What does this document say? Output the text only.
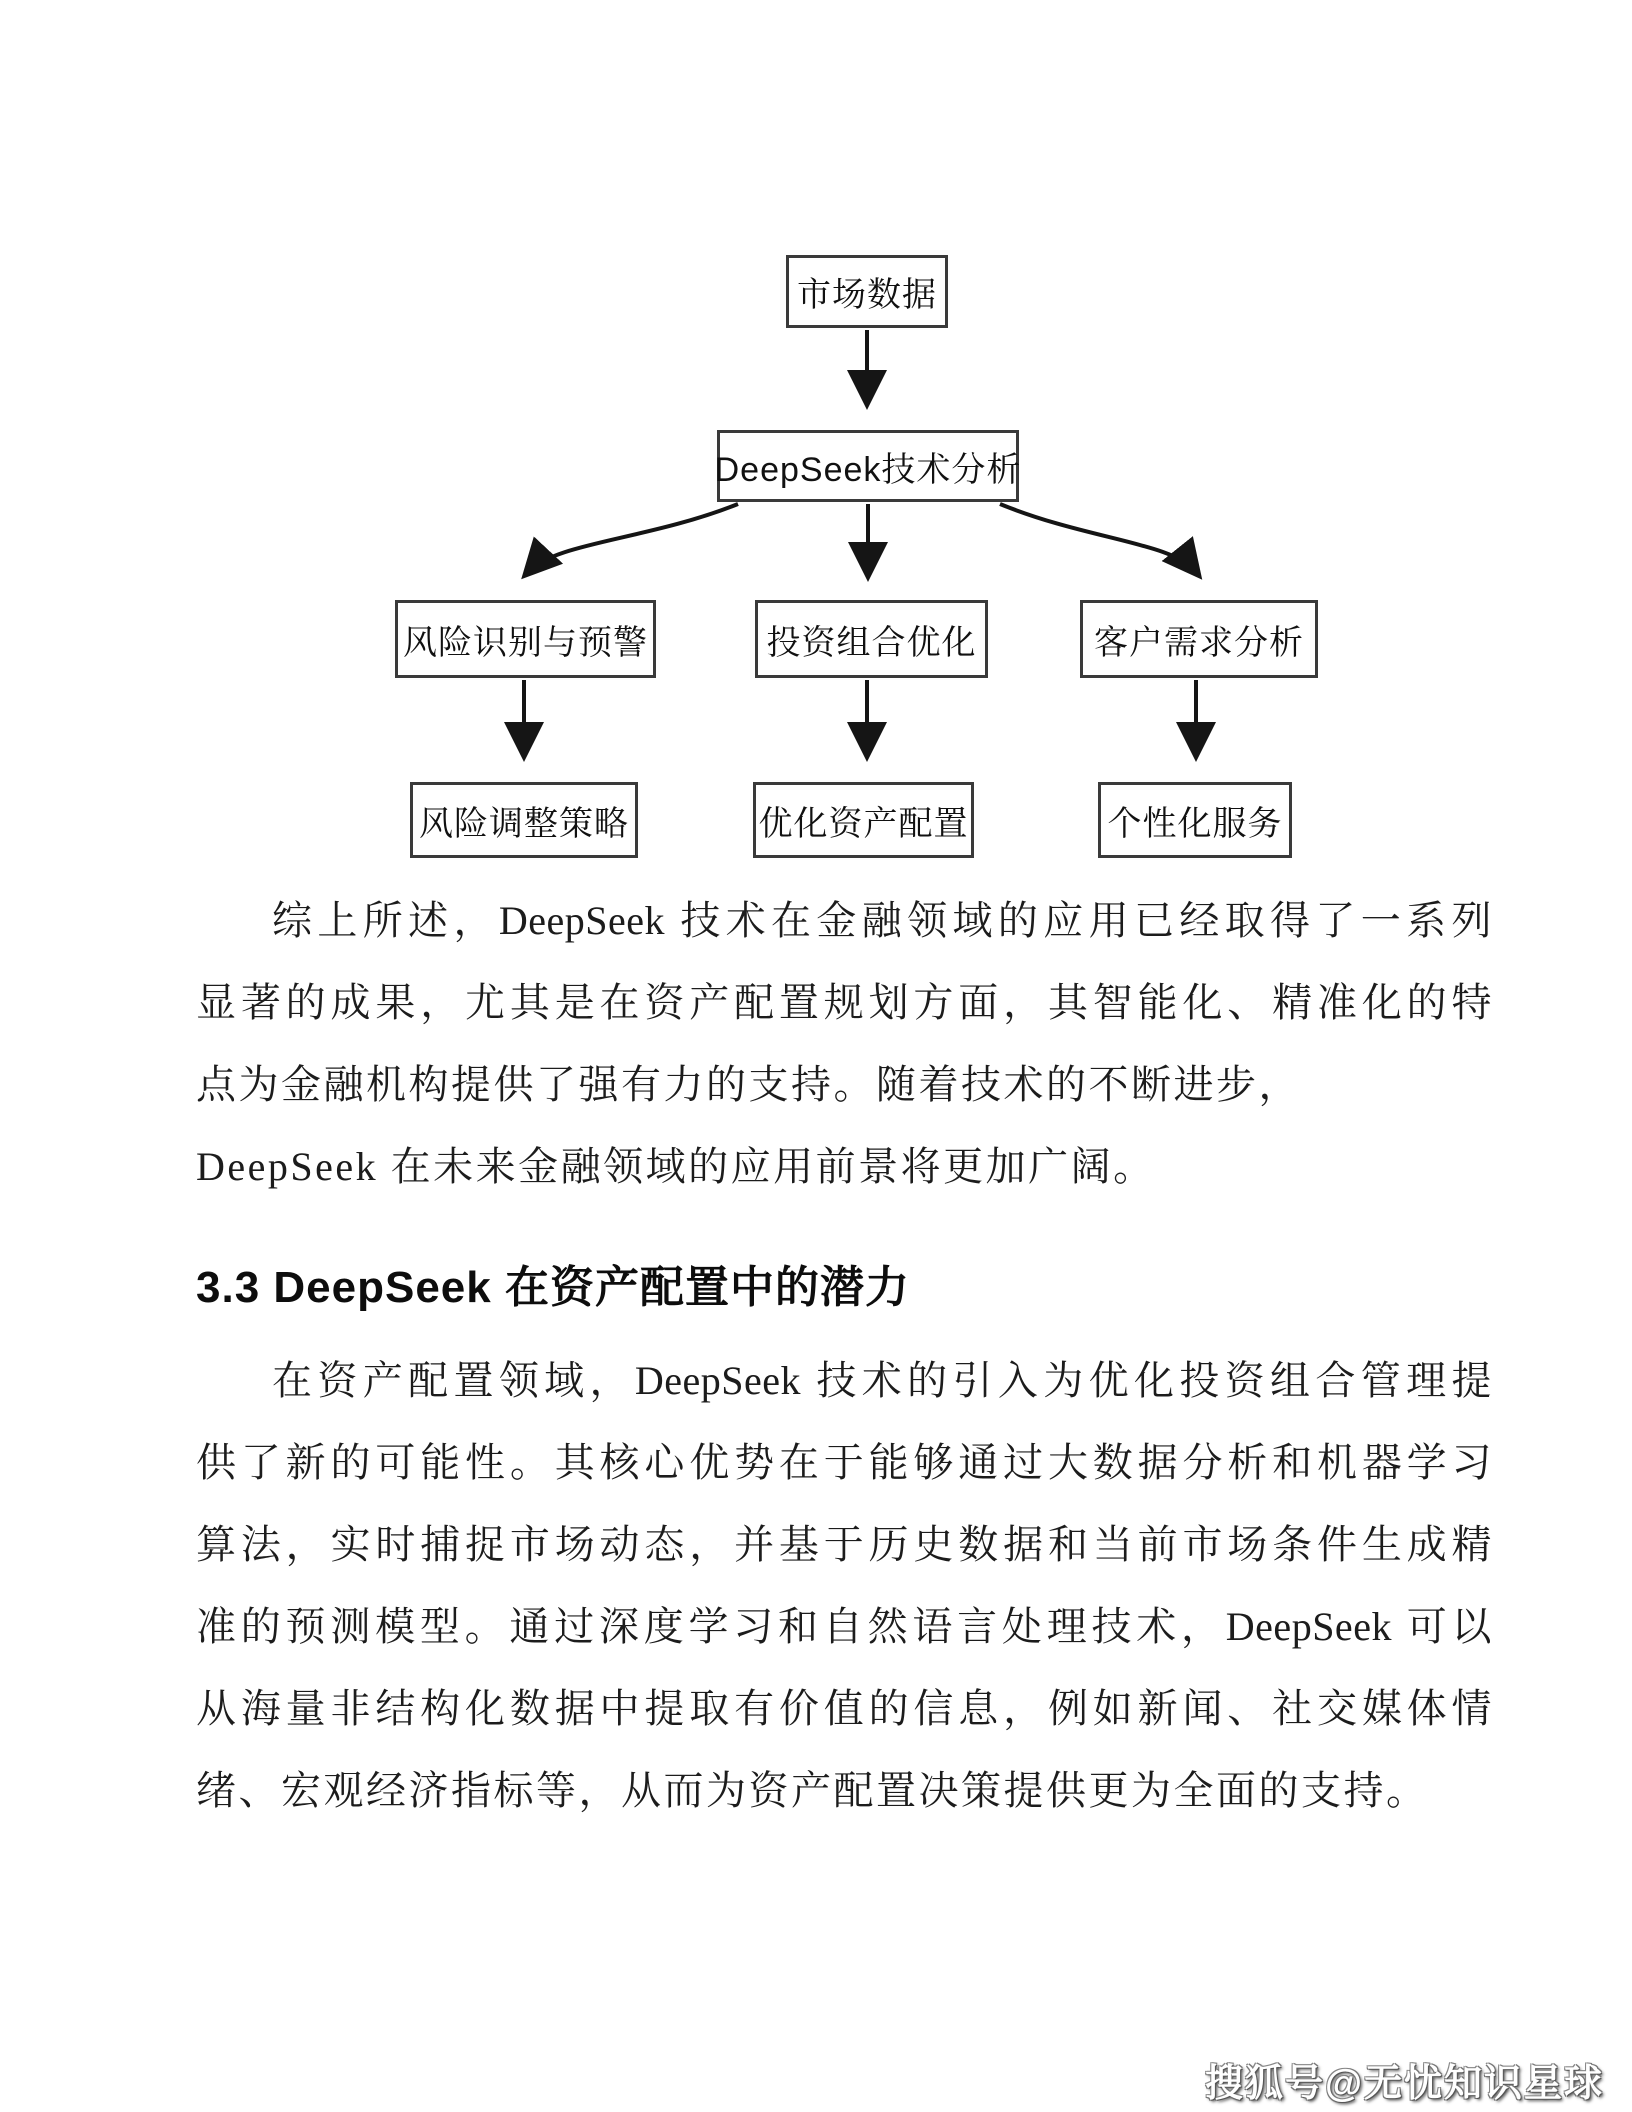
市场数据
DeepSeek技术分析
风险识别与预警	投资组合优化	客户需求分析
风险调整策略	优化资产配置	个性化服务
综上所述，DeepSeek 技术在金融领域的应用已经取得了一系列
显著的成果，尤其是在资产配置规划方面，其智能化、精准化的特
点为金融机构提供了强有力的支持。随着技术的不断进步，
DeepSeek 在未来金融领域的应用前景将更加广阔。
3.3 DeepSeek 在资产配置中的潜力
在资产配置领域，DeepSeek 技术的引入为优化投资组合管理提
供了新的可能性。其核心优势在于能够通过大数据分析和机器学习
算法，实时捕捉市场动态，并基于历史数据和当前市场条件生成精
准的预测模型。通过深度学习和自然语言处理技术，DeepSeek 可以
从海量非结构化数据中提取有价值的信息，例如新闻、社交媒体情
绪、宏观经济指标等，从而为资产配置决策提供更为全面的支持。
搜狐号@无忧知识星球
